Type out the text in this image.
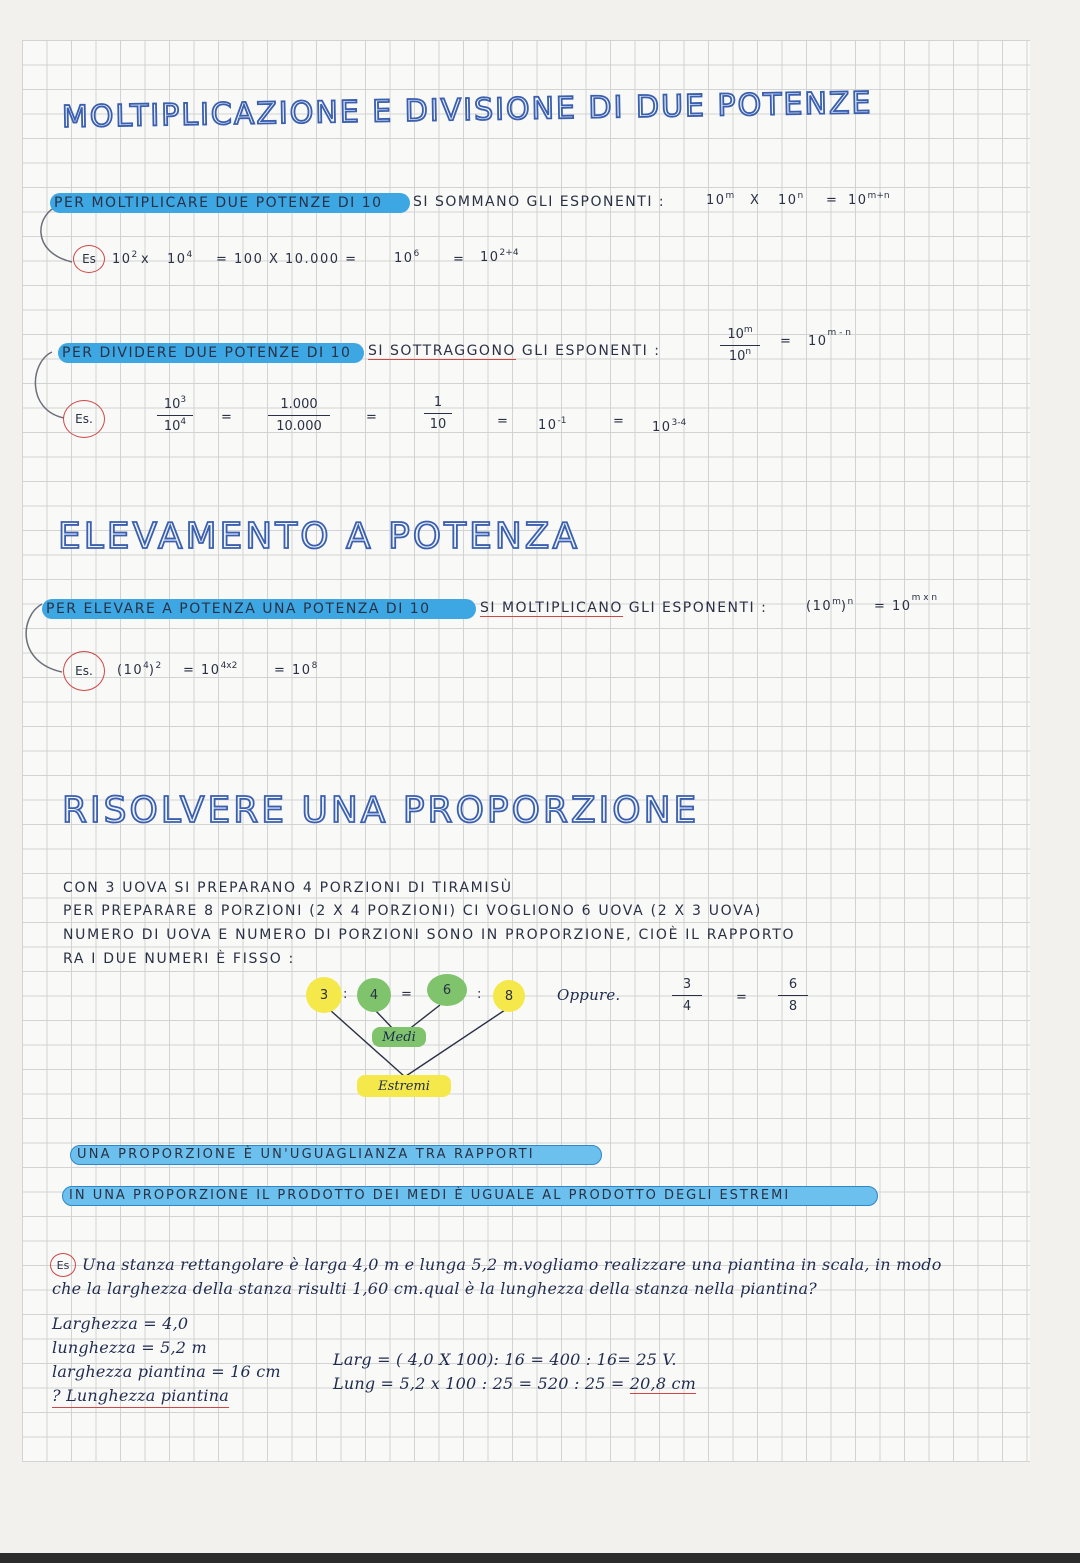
MOLTIPLICAZIONE E DIVISIONE DI DUE POTENZE
PER MOLTIPLICARE DUE POTENZE DI 10	SI SOMMANO GLI ESPONENTI :	10$^m$ X $10^n = 10^{m+n}$
Es	$10^2$ x $10^4 = 100$ X 10.000 =	$10^6$	= $10^{2+4}$
PER DIVIDERE DUE POTENZE DI 10	SI SOTTRAGGONO GLI ESPONENTI :	$\frac{10^m}{10^n} = 10^{m - n}$
Es.	$\frac{10^3}{10^4}$ =	$\frac{1.000}{10.000}$	=	$\frac{1}{10}$	= $10^{-1}$	= $10^{3-4}$
ELEVAMENTO A POTENZA
PER ELEVARE A POTENZA UNA POTENZA DI 10	SI MOLTIPLICANO GLI ESPONENTI :	$(10^m)^n = 10^{m x n}$
Es.	$(10^4)^2 = 10^{4x2}$	= $10^8$
RISOLVERE UNA PROPORZIONE
CON 3 UOVA SI PREPARANO 4 PORZIONI DI TIRAMISÙ
PER PREPARARE 8 PORZIONI (2 X 4 PORZIONI) CI VOGLIONO 6 UOVA (2 X 3 UOVA)
NUMERO DI UOVA E NUMERO DI PORZIONI SONO IN PROPORZIONE, CIOÈ IL RAPPORTO
RA I DUE NUMERI È FISSO :
3	:	4	=	6	:	8
Medi
Estremi
Oppure.	$\frac{3}{4}$	= $\frac{6}{8}$
UNA PROPORZIONE È UN'UGUAGLIANZA TRA RAPPORTI
IN UNA PROPORZIONE IL PRODOTTO DEI MEDI È UGUALE AL PRODOTTO DEGLI ESTREMI
Es Una stanza rettangolare è larga 4,0 m e lunga 5,2 m.vogliamo realizzare una piantina in scala, in modo
che la larghezza della stanza risulti 1,60 cm.qual è la lunghezza della stanza nella piantina?
Larghezza = 4,0
lunghezza = 5,2 m
larghezza piantina = 16 cm
? Lunghezza piantina
Larg = ( 4,0 X 100): 16 = 400 : 16= 25 V.
Lung = 5,2 x 100 : 25 = 520 : 25 = 20,8 cm
